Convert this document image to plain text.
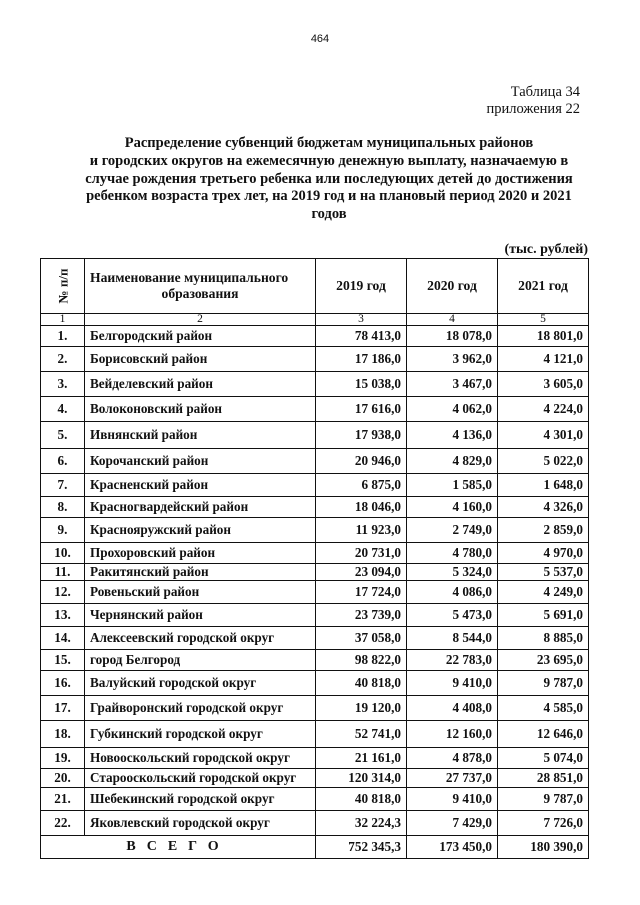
464
Таблица 34
приложения 22
Распределение субвенций бюджетам муниципальных районов
и городских округов на ежемесячную денежную выплату, назначаемую в
случае рождения третьего ребенка или последующих детей до достижения
ребенком возраста трех лет, на 2019 год и на плановый период 2020 и 2021
годов
(тыс. рублей)
№ п/п	Наименование муниципального
образования	2019 год	2020 год	2021 год
1	2	3	4	5
1.	Белгородский район	78 413,0	18 078,0	18 801,0
2.	Борисовский район	17 186,0	3 962,0	4 121,0
3.	Вейделевский район	15 038,0	3 467,0	3 605,0
4.	Волоконовский район	17 616,0	4 062,0	4 224,0
5.	Ивнянский район	17 938,0	4 136,0	4 301,0
6.	Корочанский район	20 946,0	4 829,0	5 022,0
7.	Красненский район	6 875,0	1 585,0	1 648,0
8.	Красногвардейский район	18 046,0	4 160,0	4 326,0
9.	Краснояружский район	11 923,0	2 749,0	2 859,0
10.	Прохоровский район	20 731,0	4 780,0	4 970,0
11.	Ракитянский район	23 094,0	5 324,0	5 537,0
12.	Ровеньский район	17 724,0	4 086,0	4 249,0
13.	Чернянский район	23 739,0	5 473,0	5 691,0
14.	Алексеевский городской округ	37 058,0	8 544,0	8 885,0
15.	город Белгород	98 822,0	22 783,0	23 695,0
16.	Валуйский городской округ	40 818,0	9 410,0	9 787,0
17.	Грайворонский городской округ	19 120,0	4 408,0	4 585,0
18.	Губкинский городской округ	52 741,0	12 160,0	12 646,0
19.	Новооскольский городской округ	21 161,0	4 878,0	5 074,0
20.	Старооскольский городской округ	120 314,0	27 737,0	28 851,0
21.	Шебекинский городской округ	40 818,0	9 410,0	9 787,0
22.	Яковлевский городской округ	32 224,3	7 429,0	7 726,0
ВСЕГО		752 345,3	173 450,0	180 390,0
